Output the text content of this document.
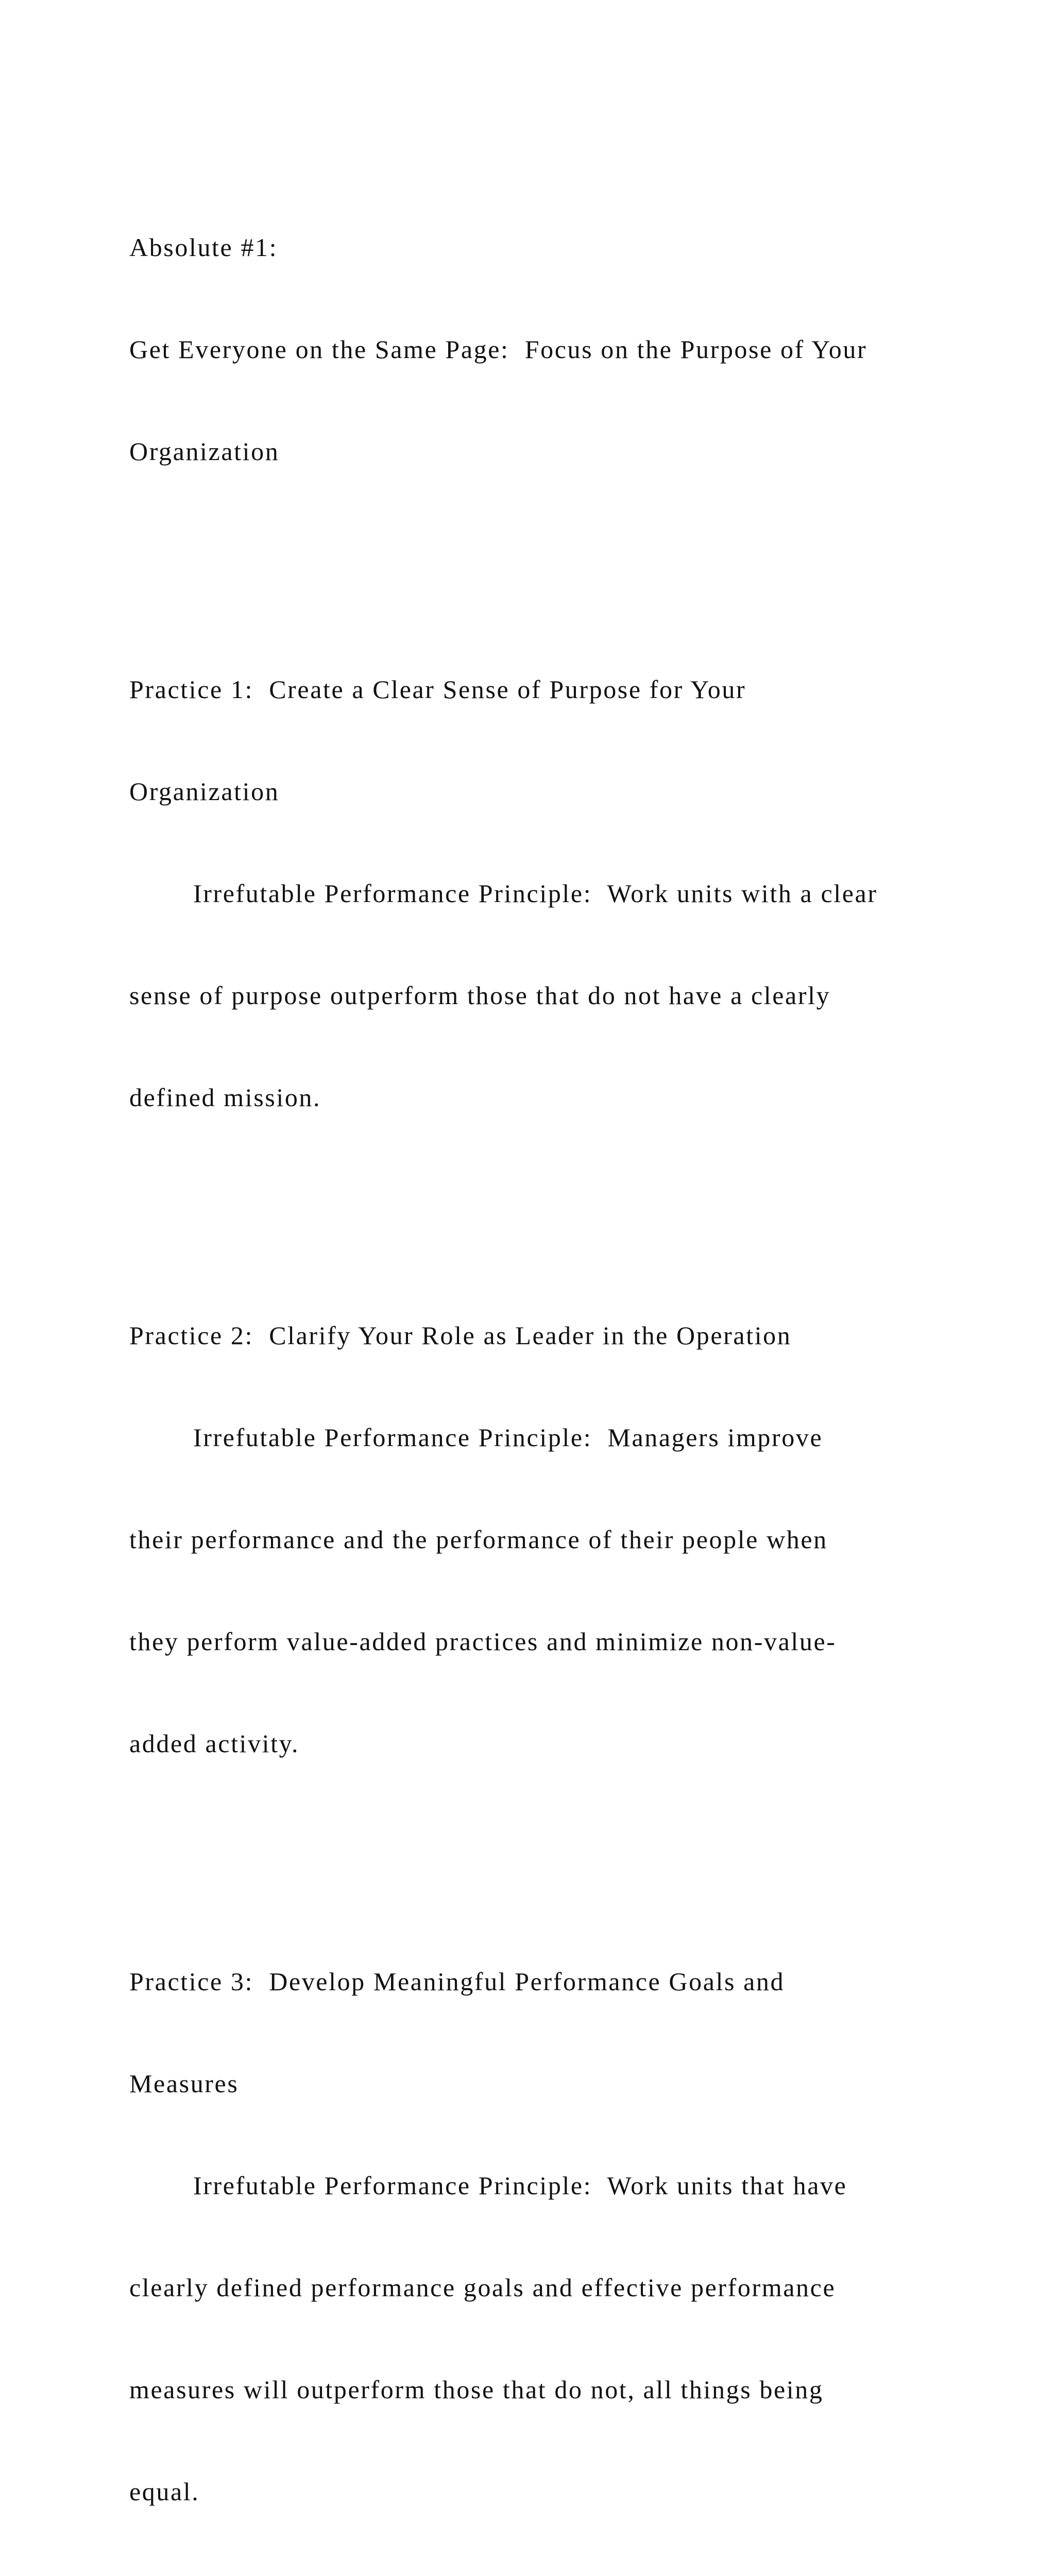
Absolute #1:

Get Everyone on the Same Page:  Focus on the Purpose of Your

Organization

Practice 1:  Create a Clear Sense of Purpose for Your

Organization

Irrefutable Performance Principle:  Work units with a clear

sense of purpose outperform those that do not have a clearly

defined mission.

Practice 2:  Clarify Your Role as Leader in the Operation

Irrefutable Performance Principle:  Managers improve

their performance and the performance of their people when

they perform value-added practices and minimize non-value-

added activity.

Practice 3:  Develop Meaningful Performance Goals and

Measures

Irrefutable Performance Principle:  Work units that have

clearly defined performance goals and effective performance

measures will outperform those that do not, all things being

equal.
